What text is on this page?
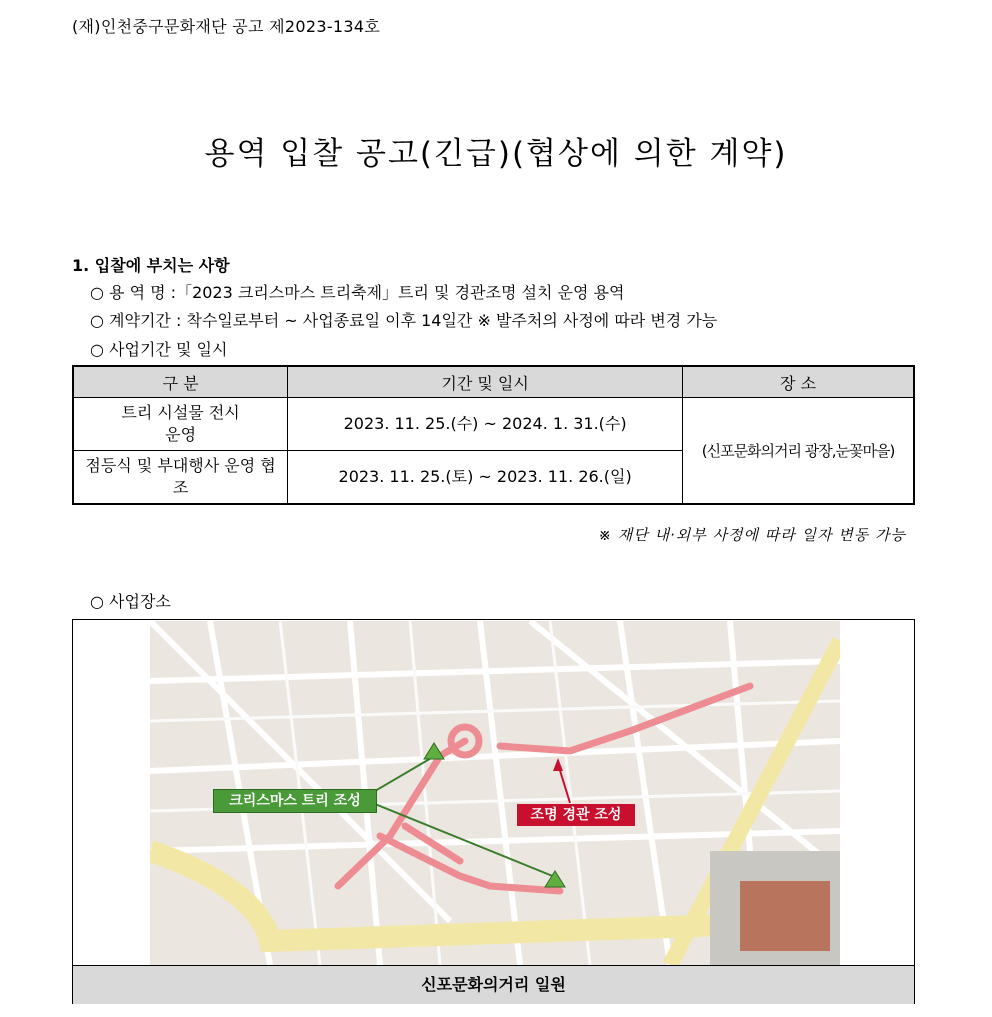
(재)인천중구문화재단 공고 제2023-134호
용역 입찰 공고(긴급)(협상에 의한 계약)
1. 입찰에 부치는 사항
○ 용 역 명 :「2023 크리스마스 트리축제」트리 및 경관조명 설치 운영 용역
○ 계약기간 : 착수일로부터 ~ 사업종료일 이후 14일간 ※ 발주처의 사정에 따라 변경 가능
○ 사업기간 및 일시
구 분	기간 및 일시	장 소
트리 시설물 전시 운영	2023. 11. 25.(수) ~ 2024. 1. 31.(수)	(신포문화의거리 광장,눈꽃마을)
점등식 및 부대행사 운영 협조	2023. 11. 25.(토) ~ 2023. 11. 26.(일)	
※ 재단 내·외부 사정에 따라 일자 변동 가능
○ 사업장소
크리스마스 트리 조성
조명 경관 조성
신포문화의거리 일원
